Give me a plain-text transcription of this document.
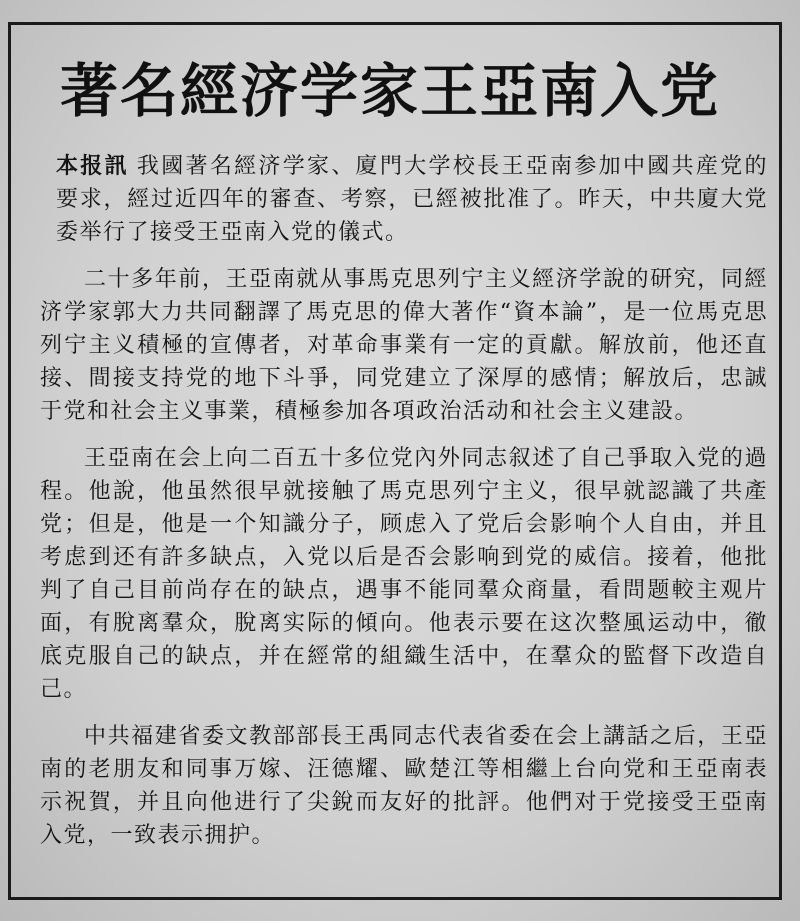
著名經济学家王亞南入党

本报訊 我國著名經济学家、廈門大学校長王亞南参加中國共産党的要求，經过近四年的審查、考察，已經被批准了。昨天，中共廈大党委举行了接受王亞南入党的儀式。

二十多年前，王亞南就从事馬克思列宁主义經济学說的研究，同經济学家郭大力共同翻譯了馬克思的偉大著作“資本論”，是一位馬克思列宁主义積極的宣傳者，对革命事業有一定的貢獻。解放前，他还直接、間接支持党的地下斗爭，同党建立了深厚的感情；解放后，忠誠于党和社会主义事業，積極参加各項政治活动和社会主义建設。

王亞南在会上向二百五十多位党內外同志叙述了自己爭取入党的過程。他說，他虽然很早就接触了馬克思列宁主义，很早就認識了共產党；但是，他是一个知識分子，顾虑入了党后会影响个人自由，并且考虑到还有許多缺点，入党以后是否会影响到党的威信。接着，他批判了自己目前尚存在的缺点，遇事不能同羣众商量，看問题較主观片面，有脫离羣众，脫离实际的傾向。他表示要在这次整風运动中，徹底克服自己的缺点，并在經常的組織生活中，在羣众的監督下改造自己。

中共福建省委文教部部長王禹同志代表省委在会上講話之后，王亞南的老朋友和同事万嫁、汪德耀、歐楚江等相繼上台向党和王亞南表示祝賀，并且向他进行了尖銳而友好的批評。他們对于党接受王亞南入党，一致表示拥护。
